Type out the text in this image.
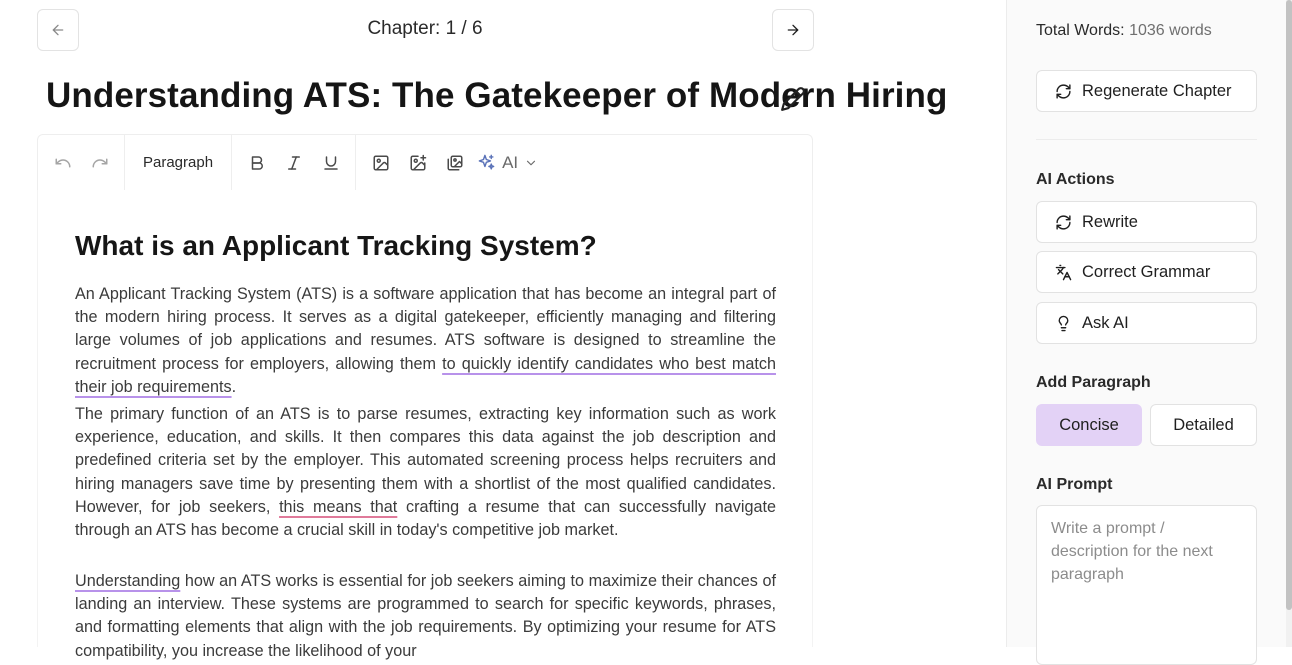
Chapter: 1 / 6
Understanding ATS: The Gatekeeper of Modern Hiring
Paragraph	AI
What is an Applicant Tracking System?

An Applicant Tracking System (ATS) is a software application that has become an integral part of the modern hiring process. It serves as a digital gatekeeper, efficiently managing and filtering large volumes of job applications and resumes. ATS software is designed to streamline the recruitment process for employers, allowing them to quickly identify candidates who best match their job requirements.

The primary function of an ATS is to parse resumes, extracting key information such as work experience, education, and skills. It then compares this data against the job description and predefined criteria set by the employer. This automated screening process helps recruiters and hiring managers save time by presenting them with a shortlist of the most qualified candidates. However, for job seekers, this means that crafting a resume that can successfully navigate through an ATS has become a crucial skill in today's competitive job market.

Understanding how an ATS works is essential for job seekers aiming to maximize their chances of landing an interview. These systems are programmed to search for specific keywords, phrases, and formatting elements that align with the job requirements. By optimizing your resume for ATS compatibility, you increase the likelihood of your

Total Words: 1036 words
Regenerate Chapter
AI Actions
Rewrite
Correct Grammar
Ask AI
Add Paragraph
Concise	Detailed
AI Prompt
Write a prompt / description for the next paragraph
